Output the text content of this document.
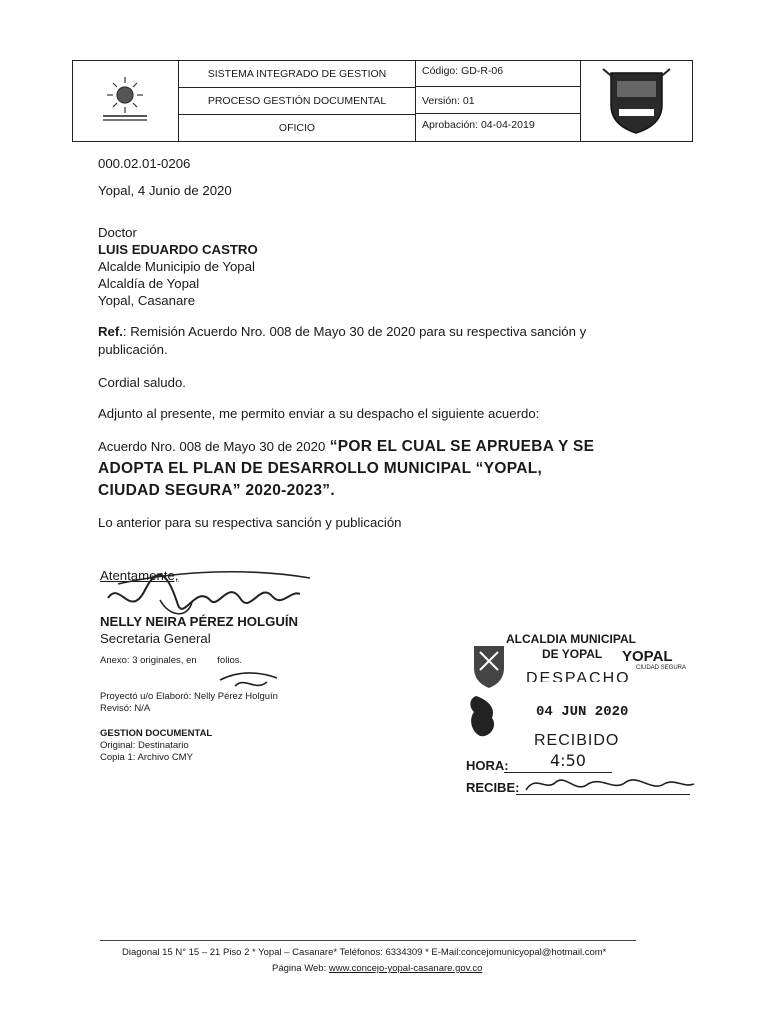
SISTEMA INTEGRADO DE GESTION
PROCESO GESTIÓN DOCUMENTAL
OFICIO
Código: GD-R-06
Versión: 01
Aprobación: 04-04-2019
000.02.01-0206
Yopal, 4 Junio de 2020
Doctor
LUIS EDUARDO CASTRO
Alcalde Municipio de Yopal
Alcaldía de Yopal
Yopal, Casanare
Ref.: Remisión Acuerdo Nro. 008 de Mayo 30 de 2020 para su respectiva sanción y
publicación.
Cordial saludo.
Adjunto al presente, me permito enviar a su despacho el siguiente acuerdo:
Acuerdo Nro. 008 de Mayo 30 de 2020 “POR EL CUAL SE APRUEBA Y SE
ADOPTA EL PLAN DE DESARROLLO MUNICIPAL “YOPAL,
CIUDAD SEGURA” 2020-2023”.
Lo anterior para su respectiva sanción y publicación
Atentamente,
NELLY NEIRA PÉREZ HOLGUÍN
Secretaria General
Anexo: 3 originales, en folios.
Proyectó u/o Elaboró: Nelly Pérez Holguín
Revisó: N/A
GESTION DOCUMENTAL
Original: Destinatario
Copia 1: Archivo CMY
ALCALDIA MUNICIPAL
DE YOPAL YOPAL
CIUDAD SEGURA
DESPACHO
04 JUN 2020
RECIBIDO
HORA:	4:50
RECIBE:
Diagonal 15 N° 15 – 21 Piso 2 * Yopal – Casanare* Teléfonos: 6334309 * E-Mail:concejomunicyopal@hotmail.com*
Página Web: www.concejo-yopal-casanare.gov.co
